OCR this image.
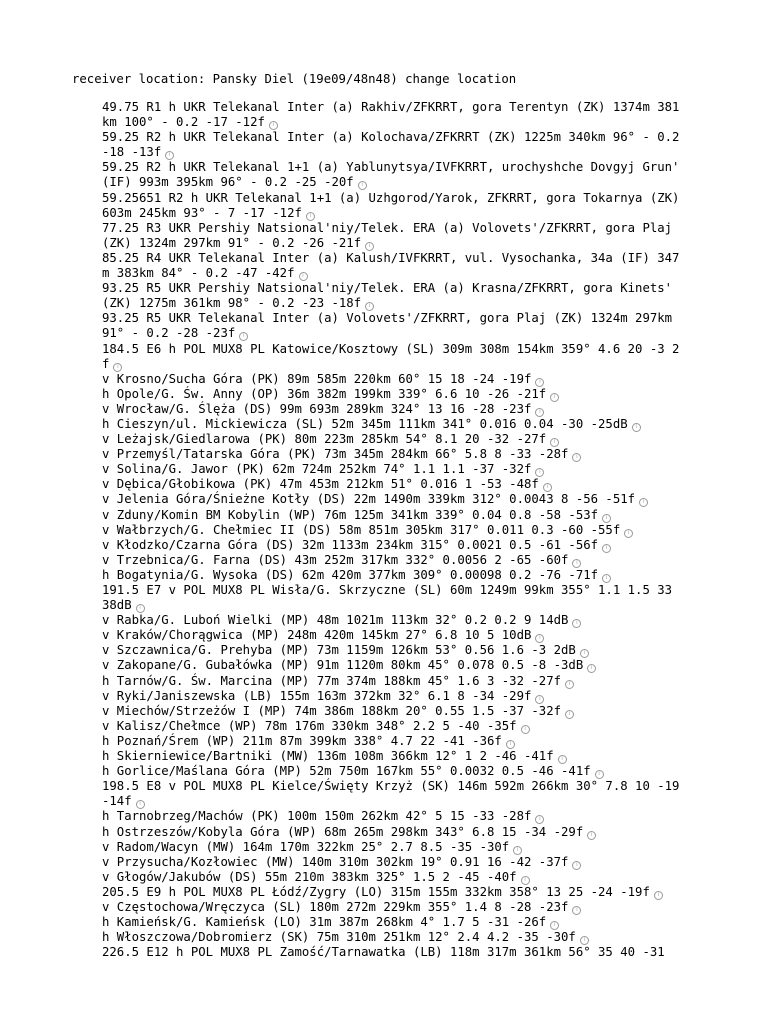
receiver location: Pansky Diel (19e09/48n48) change location
49.75 R1 h UKR Telekanal Inter (a) Rakhiv/ZFKRRT, gora Terentyn (ZK) 1374m 381km 100° - 0.2 -17 -12f i
59.25 R2 h UKR Telekanal Inter (a) Kolochava/ZFKRRT (ZK) 1225m 340km 96° - 0.2 -18 -13f i
59.25 R2 h UKR Telekanal 1+1 (a) Yablunytsya/IVFKRRT, urochyshche Dovgyj Grun' (IF) 993m 395km 96° - 0.2 -25 -20f i
59.25651 R2 h UKR Telekanal 1+1 (a) Uzhgorod/Yarok, ZFKRRT, gora Tokarnya (ZK) 603m 245km 93° - 7 -17 -12f i
77.25 R3 UKR Pershiy Natsional'niy/Telek. ERA (a) Volovets'/ZFKRRT, gora Plaj (ZK) 1324m 297km 91° - 0.2 -26 -21f i
85.25 R4 UKR Telekanal Inter (a) Kalush/IVFKRRT, vul. Vysochanka, 34a (IF) 347m 383km 84° - 0.2 -47 -42f i
93.25 R5 UKR Pershiy Natsional'niy/Telek. ERA (a) Krasna/ZFKRRT, gora Kinets' (ZK) 1275m 361km 98° - 0.2 -23 -18f i
93.25 R5 UKR Telekanal Inter (a) Volovets'/ZFKRRT, gora Plaj (ZK) 1324m 297km 91° - 0.2 -28 -23f i
184.5 E6 h POL MUX8 PL Katowice/Kosztowy (SL) 309m 308m 154km 359° 4.6 20 -3 2f i
v Krosno/Sucha Góra (PK) 89m 585m 220km 60° 15 18 -24 -19f i
h Opole/G. Św. Anny (OP) 36m 382m 199km 339° 6.6 10 -26 -21f i
v Wrocław/G. Ślęża (DS) 99m 693m 289km 324° 13 16 -28 -23f i
h Cieszyn/ul. Mickiewicza (SL) 52m 345m 111km 341° 0.016 0.04 -30 -25dB i
v Leżajsk/Giedlarowa (PK) 80m 223m 285km 54° 8.1 20 -32 -27f i
v Przemyśl/Tatarska Góra (PK) 73m 345m 284km 66° 5.8 8 -33 -28f i
v Solina/G. Jawor (PK) 62m 724m 252km 74° 1.1 1.1 -37 -32f i
v Dębica/Głobikowa (PK) 47m 453m 212km 51° 0.016 1 -53 -48f i
v Jelenia Góra/Śnieżne Kotły (DS) 22m 1490m 339km 312° 0.0043 8 -56 -51f i
v Zduny/Komin BM Kobylin (WP) 76m 125m 341km 339° 0.04 0.8 -58 -53f i
v Wałbrzych/G. Chełmiec II (DS) 58m 851m 305km 317° 0.011 0.3 -60 -55f i
v Kłodzko/Czarna Góra (DS) 32m 1133m 234km 315° 0.0021 0.5 -61 -56f i
v Trzebnica/G. Farna (DS) 43m 252m 317km 332° 0.0056 2 -65 -60f i
h Bogatynia/G. Wysoka (DS) 62m 420m 377km 309° 0.00098 0.2 -76 -71f i
191.5 E7 v POL MUX8 PL Wisła/G. Skrzyczne (SL) 60m 1249m 99km 355° 1.1 1.5 33 38dB i
v Rabka/G. Luboń Wielki (MP) 48m 1021m 113km 32° 0.2 0.2 9 14dB i
v Kraków/Chorągwica (MP) 248m 420m 145km 27° 6.8 10 5 10dB i
v Szczawnica/G. Prehyba (MP) 73m 1159m 126km 53° 0.56 1.6 -3 2dB i
v Zakopane/G. Gubałówka (MP) 91m 1120m 80km 45° 0.078 0.5 -8 -3dB i
h Tarnów/G. Św. Marcina (MP) 77m 374m 188km 45° 1.6 3 -32 -27f i
v Ryki/Janiszewska (LB) 155m 163m 372km 32° 6.1 8 -34 -29f i
v Miechów/Strzeżów I (MP) 74m 386m 188km 20° 0.55 1.5 -37 -32f i
v Kalisz/Chełmce (WP) 78m 176m 330km 348° 2.2 5 -40 -35f i
h Poznań/Śrem (WP) 211m 87m 399km 338° 4.7 22 -41 -36f i
h Skierniewice/Bartniki (MW) 136m 108m 366km 12° 1 2 -46 -41f i
h Gorlice/Maślana Góra (MP) 52m 750m 167km 55° 0.0032 0.5 -46 -41f i
198.5 E8 v POL MUX8 PL Kielce/Święty Krzyż (SK) 146m 592m 266km 30° 7.8 10 -19 -14f i
h Tarnobrzeg/Machów (PK) 100m 150m 262km 42° 5 15 -33 -28f i
h Ostrzeszów/Kobyla Góra (WP) 68m 265m 298km 343° 6.8 15 -34 -29f i
v Radom/Wacyn (MW) 164m 170m 322km 25° 2.7 8.5 -35 -30f i
v Przysucha/Kozłowiec (MW) 140m 310m 302km 19° 0.91 16 -42 -37f i
v Głogów/Jakubów (DS) 55m 210m 383km 325° 1.5 2 -45 -40f i
205.5 E9 h POL MUX8 PL Łódź/Zygry (LO) 315m 155m 332km 358° 13 25 -24 -19f i
v Częstochowa/Wręczyca (SL) 180m 272m 229km 355° 1.4 8 -28 -23f i
h Kamieńsk/G. Kamieńsk (LO) 31m 387m 268km 4° 1.7 5 -31 -26f i
h Włoszczowa/Dobromierz (SK) 75m 310m 251km 12° 2.4 4.2 -35 -30f i
226.5 E12 h POL MUX8 PL Zamość/Tarnawatka (LB) 118m 317m 361km 56° 35 40 -31
